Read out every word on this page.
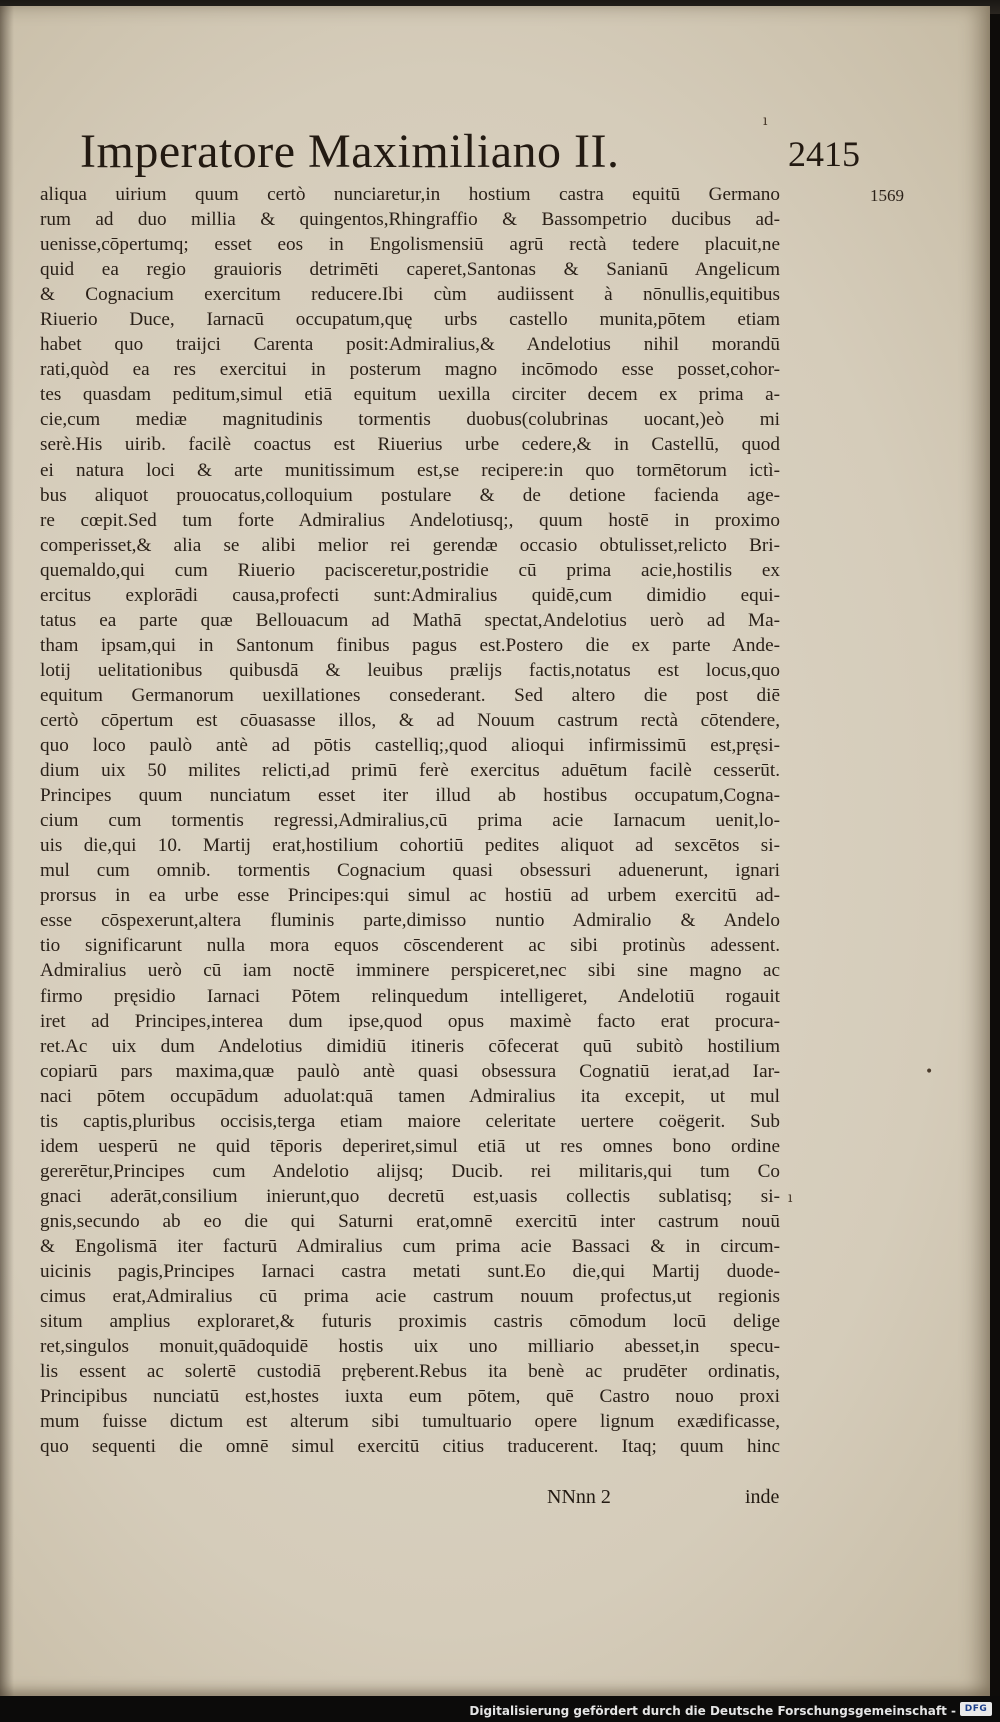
Imperatore Maximiliano II.	2415
1569
aliqua uirium quum certò nunciaretur,in hostium castra equitū Germano
rum ad duo millia & quingentos,Rhingraffio & Bassompetrio ducibus ad-
uenisse,cōpertumq; esset eos in Engolismensiū agrū rectà tedere placuit,ne
quid ea regio grauioris detrimēti caperet,Santonas & Sanianū Angelicum
& Cognacium exercitum reducere.Ibi cùm audiissent à nōnullis,equitibus
Riuerio Duce, Iarnacū occupatum,quę urbs castello munita,pōtem etiam
habet quo traijci Carenta posit:Admiralius,& Andelotius nihil morandū
rati,quòd ea res exercitui in posterum magno incōmodo esse posset,cohor-
tes quasdam peditum,simul etiā equitum uexilla circiter decem ex prima a-
cie,cum mediæ magnitudinis tormentis duobus(colubrinas uocant,)eò mi
serè.His uirib. facilè coactus est Riuerius urbe cedere,& in Castellū, quod
ei natura loci & arte munitissimum est,se recipere:in quo tormētorum ictì-
bus aliquot prouocatus,colloquium postulare & de detione facienda age-
re cœpit.Sed tum forte Admiralius Andelotiusq;, quum hostē in proximo
comperisset,& alia se alibi melior rei gerendæ occasio obtulisset,relicto Bri-
quemaldo,qui cum Riuerio pacisceretur,postridie cū prima acie,hostilis ex
ercitus explorādi causa,profecti sunt:Admiralius quidē,cum dimidio equi-
tatus ea parte quæ Bellouacum ad Mathā spectat,Andelotius uerò ad Ma-
tham ipsam,qui in Santonum finibus pagus est.Postero die ex parte Ande-
lotij uelitationibus quibusdā & leuibus prælijs factis,notatus est locus,quo
equitum Germanorum uexillationes consederant. Sed altero die post diē
certò cōpertum est cōuasasse illos, & ad Nouum castrum rectà cōtendere,
quo loco paulò antè ad pōtis castelliq;,quod alioqui infirmissimū est,pręsi-
dium uix 50 milites relicti,ad primū ferè exercitus aduētum facilè cesserūt.
Principes quum nunciatum esset iter illud ab hostibus occupatum,Cogna-
cium cum tormentis regressi,Admiralius,cū prima acie Iarnacum uenit,lo-
uis die,qui 10. Martij erat,hostilium cohortiū pedites aliquot ad sexcētos si-
mul cum omnib. tormentis Cognacium quasi obsessuri aduenerunt, ignari
prorsus in ea urbe esse Principes:qui simul ac hostiū ad urbem exercitū ad-
esse cōspexerunt,altera fluminis parte,dimisso nuntio Admiralio & Andelo
tio significarunt nulla mora equos cōscenderent ac sibi protinùs adessent.
Admiralius uerò cū iam noctē imminere perspiceret,nec sibi sine magno ac
firmo pręsidio Iarnaci Pōtem relinquedum intelligeret, Andelotiū rogauit
iret ad Principes,interea dum ipse,quod opus maximè facto erat procura-
ret.Ac uix dum Andelotius dimidiū itineris cōfecerat quū subitò hostilium
copiarū pars maxima,quæ paulò antè quasi obsessura Cognatiū ierat,ad Iar-
naci pōtem occupādum aduolat:quā tamen Admiralius ita excepit, ut mul
tis captis,pluribus occisis,terga etiam maiore celeritate uertere coëgerit. Sub
idem uesperū ne quid tēporis deperiret,simul etiā ut res omnes bono ordine
gererētur,Principes cum Andelotio alijsq; Ducib. rei militaris,qui tum Co
gnaci aderāt,consilium inierunt,quo decretū est,uasis collectis sublatisq; si-
gnis,secundo ab eo die qui Saturni erat,omnē exercitū inter castrum nouū
& Engolismā iter facturū Admiralius cum prima acie Bassaci & in circum-
uicinis pagis,Principes Iarnaci castra metati sunt.Eo die,qui Martij duode-
cimus erat,Admiralius cū prima acie castrum nouum profectus,ut regionis
situm amplius exploraret,& futuris proximis castris cōmodum locū delige
ret,singulos monuit,quādoquidē hostis uix uno milliario abesset,in specu-
lis essent ac solertē custodiā pręberent.Rebus ita benè ac prudēter ordinatis,
Principibus nunciatū est,hostes iuxta eum pōtem, quē Castro nouo proxi
mum fuisse dictum est alterum sibi tumultuario opere lignum exædificasse,
quo sequenti die omnē simul exercitū citius traducerent. Itaq; quum hinc
NNnn 2	inde
ı
•
ı
Digitalisierung gefördert durch die Deutsche Forschungsgemeinschaft - DFG
